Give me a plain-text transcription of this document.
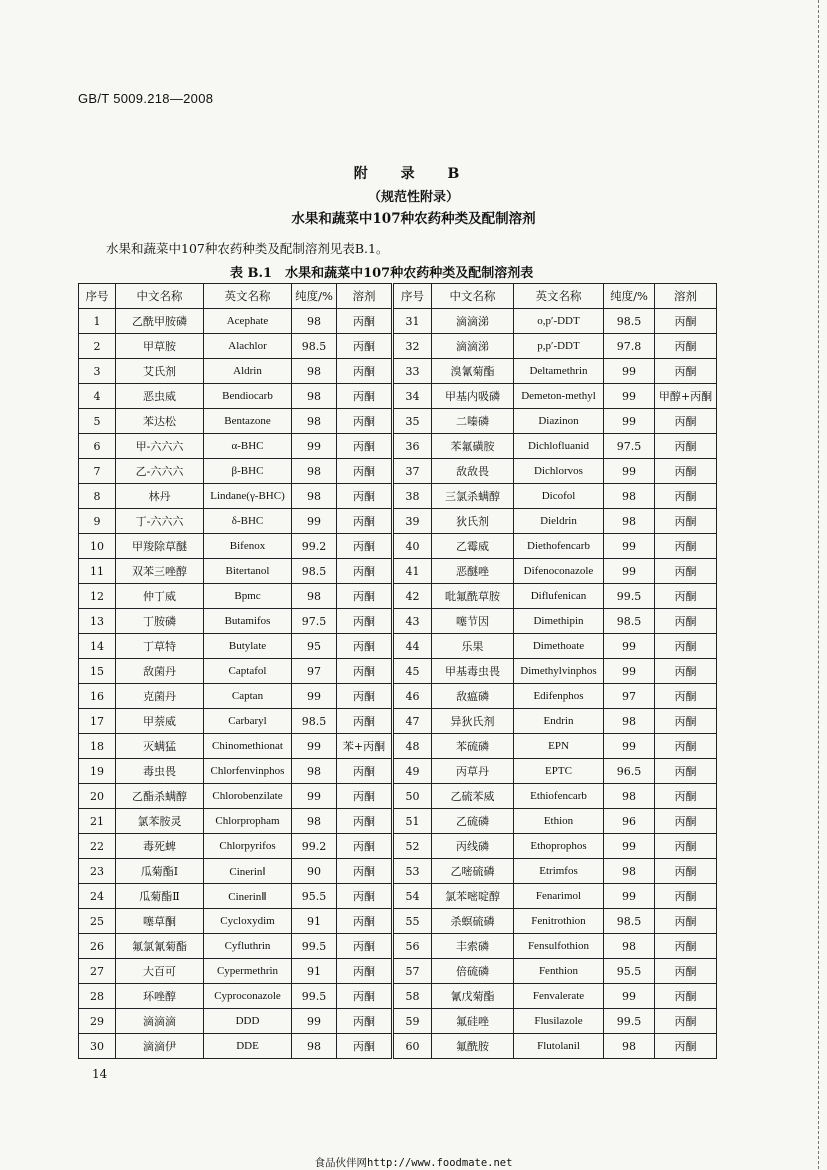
GB/T 5009.218—2008
附 录 B
（规范性附录）
水果和蔬菜中107种农药种类及配制溶剂
水果和蔬菜中107种农药种类及配制溶剂见表B.1。
表 B.1　水果和蔬菜中107种农药种类及配制溶剂表
序号	中文名称	英文名称	纯度/%	溶剂	序号	中文名称	英文名称	纯度/%	溶剂
1	乙酰甲胺磷	Acephate	98	丙酮	31	滴滴涕	o,p′-DDT	98.5	丙酮
2	甲草胺	Alachlor	98.5	丙酮	32	滴滴涕	p,p′-DDT	97.8	丙酮
3	艾氏剂	Aldrin	98	丙酮	33	溴氰菊酯	Deltamethrin	99	丙酮
4	恶虫威	Bendiocarb	98	丙酮	34	甲基内吸磷	Demeton-methyl	99	甲醇+丙酮
5	苯达松	Bentazone	98	丙酮	35	二嗪磷	Diazinon	99	丙酮
6	甲-六六六	α-BHC	99	丙酮	36	苯氟磺胺	Dichlofluanid	97.5	丙酮
7	乙-六六六	β-BHC	98	丙酮	37	敌敌畏	Dichlorvos	99	丙酮
8	林丹	Lindane(γ-BHC)	98	丙酮	38	三氯杀螨醇	Dicofol	98	丙酮
9	丁-六六六	δ-BHC	99	丙酮	39	狄氏剂	Dieldrin	98	丙酮
10	甲羧除草醚	Bifenox	99.2	丙酮	40	乙霉威	Diethofencarb	99	丙酮
11	双苯三唑醇	Bitertanol	98.5	丙酮	41	恶醚唑	Difenoconazole	99	丙酮
12	仲丁威	Bpmc	98	丙酮	42	吡氟酰草胺	Diflufenican	99.5	丙酮
13	丁胺磷	Butamifos	97.5	丙酮	43	噻节因	Dimethipin	98.5	丙酮
14	丁草特	Butylate	95	丙酮	44	乐果	Dimethoate	99	丙酮
15	敌菌丹	Captafol	97	丙酮	45	甲基毒虫畏	Dimethylvinphos	99	丙酮
16	克菌丹	Captan	99	丙酮	46	敌瘟磷	Edifenphos	97	丙酮
17	甲萘威	Carbaryl	98.5	丙酮	47	异狄氏剂	Endrin	98	丙酮
18	灭螨猛	Chinomethionat	99	苯+丙酮	48	苯硫磷	EPN	99	丙酮
19	毒虫畏	Chlorfenvinphos	98	丙酮	49	丙草丹	EPTC	96.5	丙酮
20	乙酯杀螨醇	Chlorobenzilate	99	丙酮	50	乙硫苯威	Ethiofencarb	98	丙酮
21	氯苯胺灵	Chlorpropham	98	丙酮	51	乙硫磷	Ethion	96	丙酮
22	毒死蜱	Chlorpyrifos	99.2	丙酮	52	丙线磷	Ethoprophos	99	丙酮
23	瓜菊酯Ⅰ	CinerinⅠ	90	丙酮	53	乙嘧硫磷	Etrimfos	98	丙酮
24	瓜菊酯Ⅱ	CinerinⅡ	95.5	丙酮	54	氯苯嘧啶醇	Fenarimol	99	丙酮
25	噻草酮	Cycloxydim	91	丙酮	55	杀螟硫磷	Fenitrothion	98.5	丙酮
26	氟氯氰菊酯	Cyfluthrin	99.5	丙酮	56	丰索磷	Fensulfothion	98	丙酮
27	大百可	Cypermethrin	91	丙酮	57	倍硫磷	Fenthion	95.5	丙酮
28	环唑醇	Cyproconazole	99.5	丙酮	58	氰戊菊酯	Fenvalerate	99	丙酮
29	滴滴滴	DDD	99	丙酮	59	氟硅唑	Flusilazole	99.5	丙酮
30	滴滴伊	DDE	98	丙酮	60	氟酰胺	Flutolanil	98	丙酮
14
食品伙伴网http://www.foodmate.net
